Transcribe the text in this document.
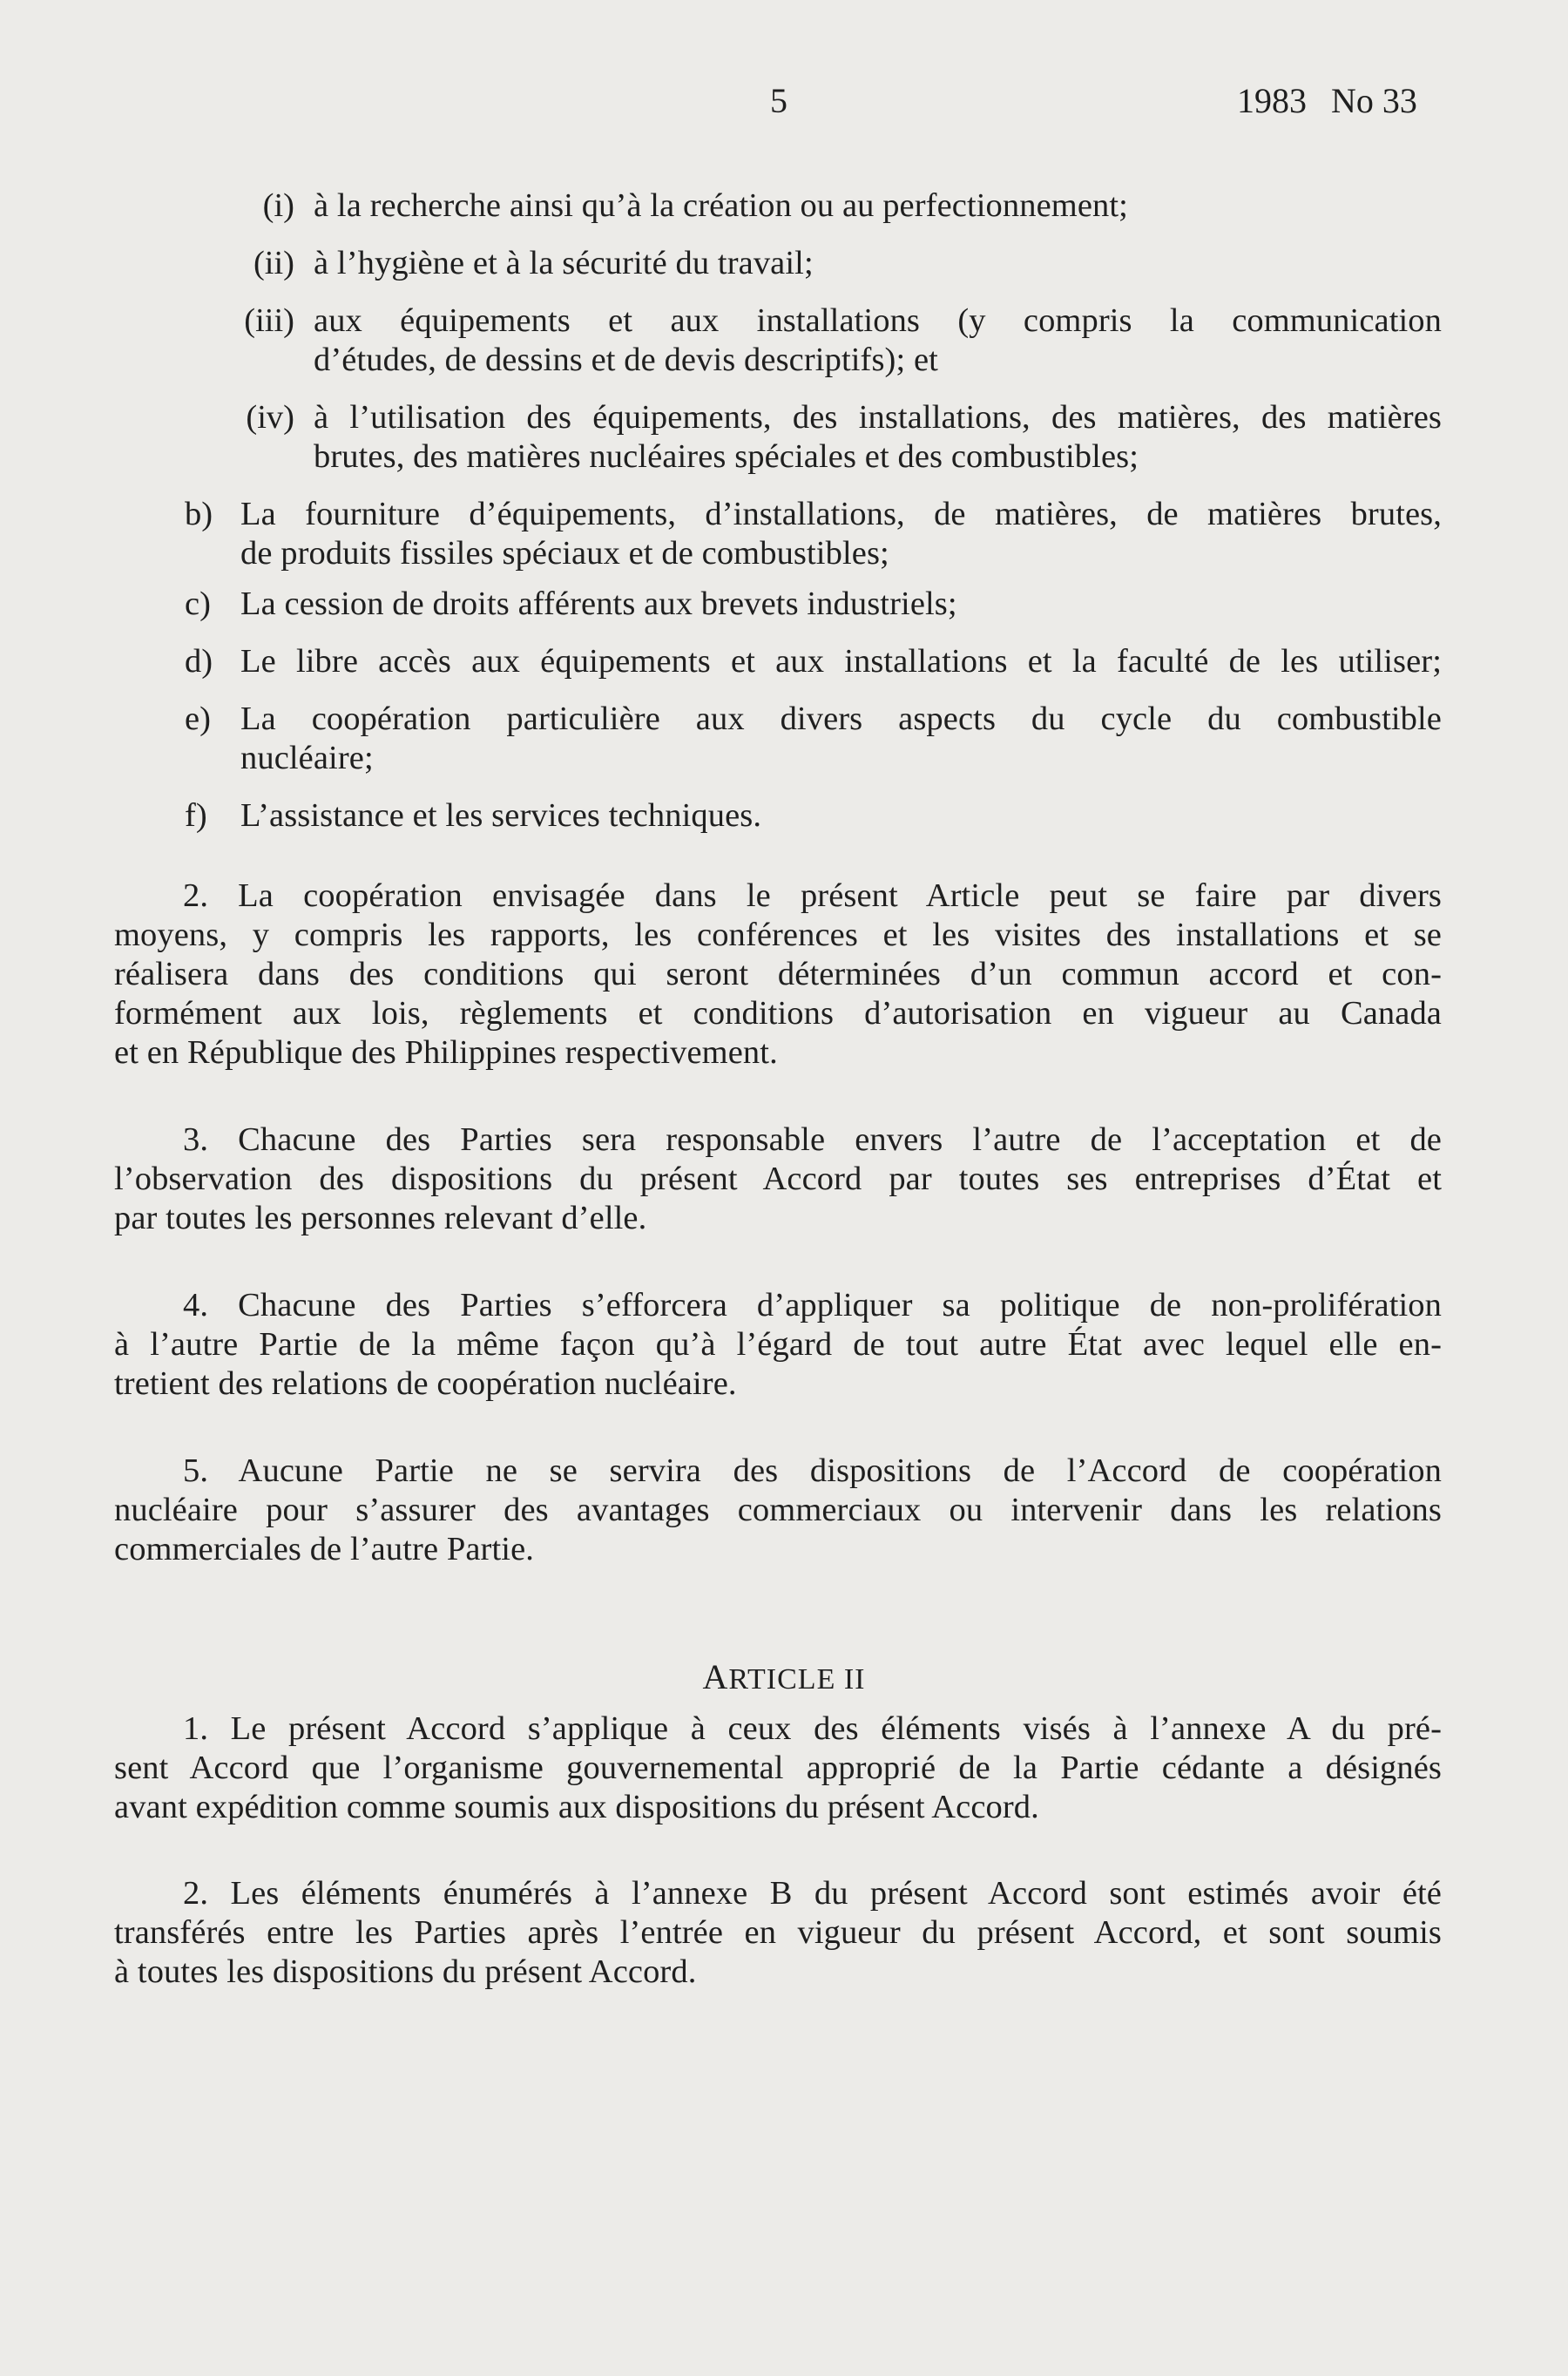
5	1983 No 33
(i) à la recherche ainsi qu’à la création ou au perfectionnement;
(ii) à l’hygiène et à la sécurité du travail;
(iii) aux équipements et aux installations (y compris la communication
d’études, de dessins et de devis descriptifs); et
(iv) à l’utilisation des équipements, des installations, des matières, des matières
brutes, des matières nucléaires spéciales et des combustibles;
b) La fourniture d’équipements, d’installations, de matières, de matières brutes,
de produits fissiles spéciaux et de combustibles;
c) La cession de droits afférents aux brevets industriels;
d) Le libre accès aux équipements et aux installations et la faculté de les utiliser;
e) La coopération particulière aux divers aspects du cycle du combustible
nucléaire;
f) L’assistance et les services techniques.
2. La coopération envisagée dans le présent Article peut se faire par divers
moyens, y compris les rapports, les conférences et les visites des installations et se
réalisera dans des conditions qui seront déterminées d’un commun accord et con-
formément aux lois, règlements et conditions d’autorisation en vigueur au Canada
et en République des Philippines respectivement.
3. Chacune des Parties sera responsable envers l’autre de l’acceptation et de
l’observation des dispositions du présent Accord par toutes ses entreprises d’État et
par toutes les personnes relevant d’elle.
4. Chacune des Parties s’efforcera d’appliquer sa politique de non-prolifération
à l’autre Partie de la même façon qu’à l’égard de tout autre État avec lequel elle en-
tretient des relations de coopération nucléaire.
5. Aucune Partie ne se servira des dispositions de l’Accord de coopération
nucléaire pour s’assurer des avantages commerciaux ou intervenir dans les relations
commerciales de l’autre Partie.
ARTICLE II
1. Le présent Accord s’applique à ceux des éléments visés à l’annexe A du pré-
sent Accord que l’organisme gouvernemental approprié de la Partie cédante a désignés
avant expédition comme soumis aux dispositions du présent Accord.
2. Les éléments énumérés à l’annexe B du présent Accord sont estimés avoir été
transférés entre les Parties après l’entrée en vigueur du présent Accord, et sont soumis
à toutes les dispositions du présent Accord.
